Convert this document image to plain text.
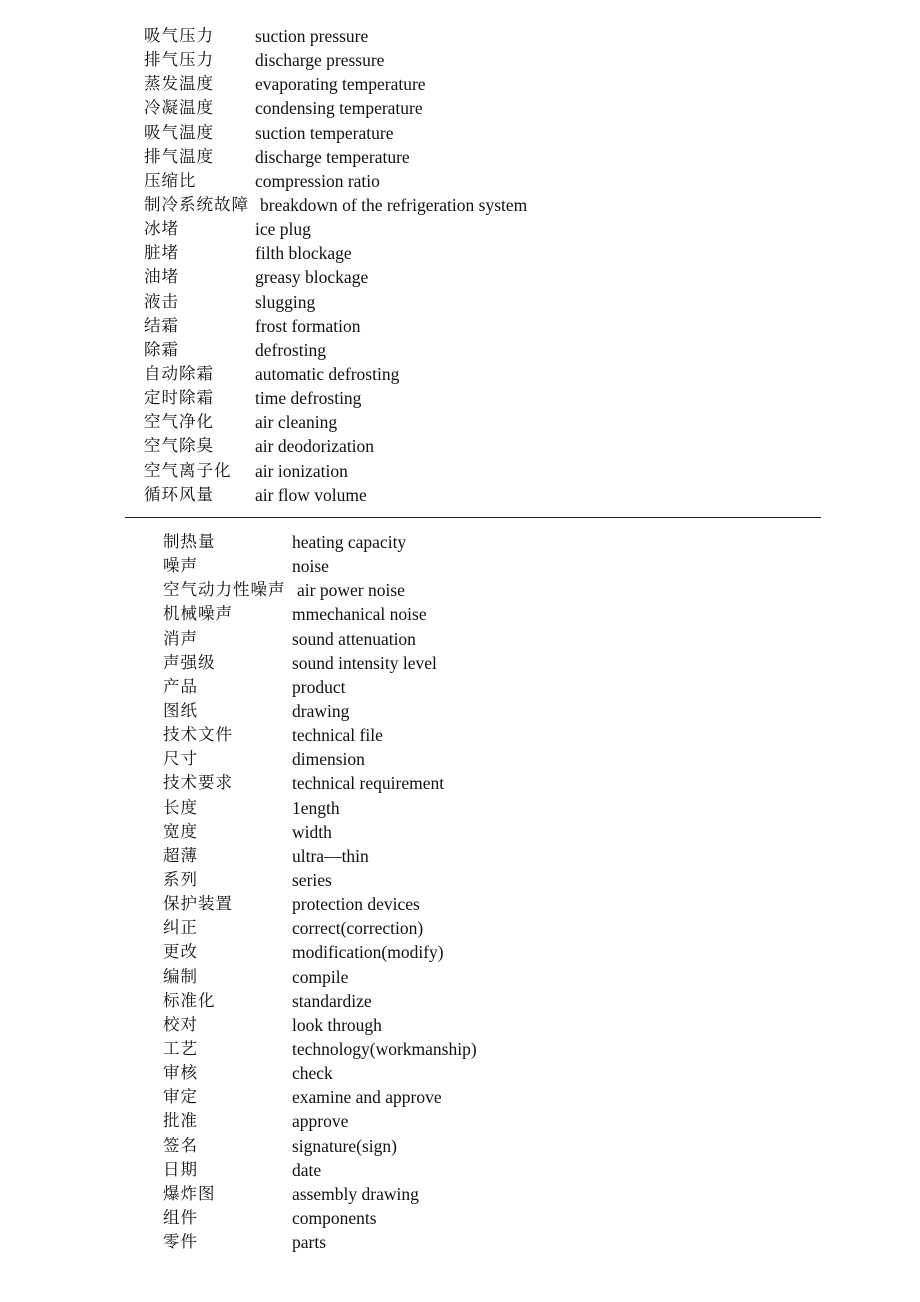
吸气压力 suction pressure
排气压力 discharge pressure
蒸发温度 evaporating temperature
冷凝温度 condensing temperature
吸气温度 suction temperature
排气温度 discharge temperature
压缩比	compression ratio
制冷系统故障 breakdown of the refrigeration system
冰堵	ice plug
脏堵	filth blockage
油堵	greasy blockage
液击	slugging
结霜	frost formation
除霜	defrosting
自动除霜 automatic defrosting
定时除霜 time defrosting
空气净化 air cleaning
空气除臭 air deodorization
空气离子化 air ionization
循环风量 air flow volume
制热量	heating capacity
噪声	noise
空气动力性噪声 air power noise
机械噪声	mmechanical noise
消声	sound attenuation
声强级	sound intensity level
产品	product
图纸	drawing
技术文件	technical file
尺寸	dimension
技术要求	technical requirement
长度	1ength
宽度	width
超薄	ultra—thin
系列	series
保护装置	protection devices
纠正	correct(correction)
更改	modification(modify)
编制	compile
标准化	standardize
校对	look through
工艺	technology(workmanship)
审核	check
审定	examine and approve
批准	approve
签名	signature(sign)
日期	date
爆炸图	assembly drawing
组件	components
零件	parts
